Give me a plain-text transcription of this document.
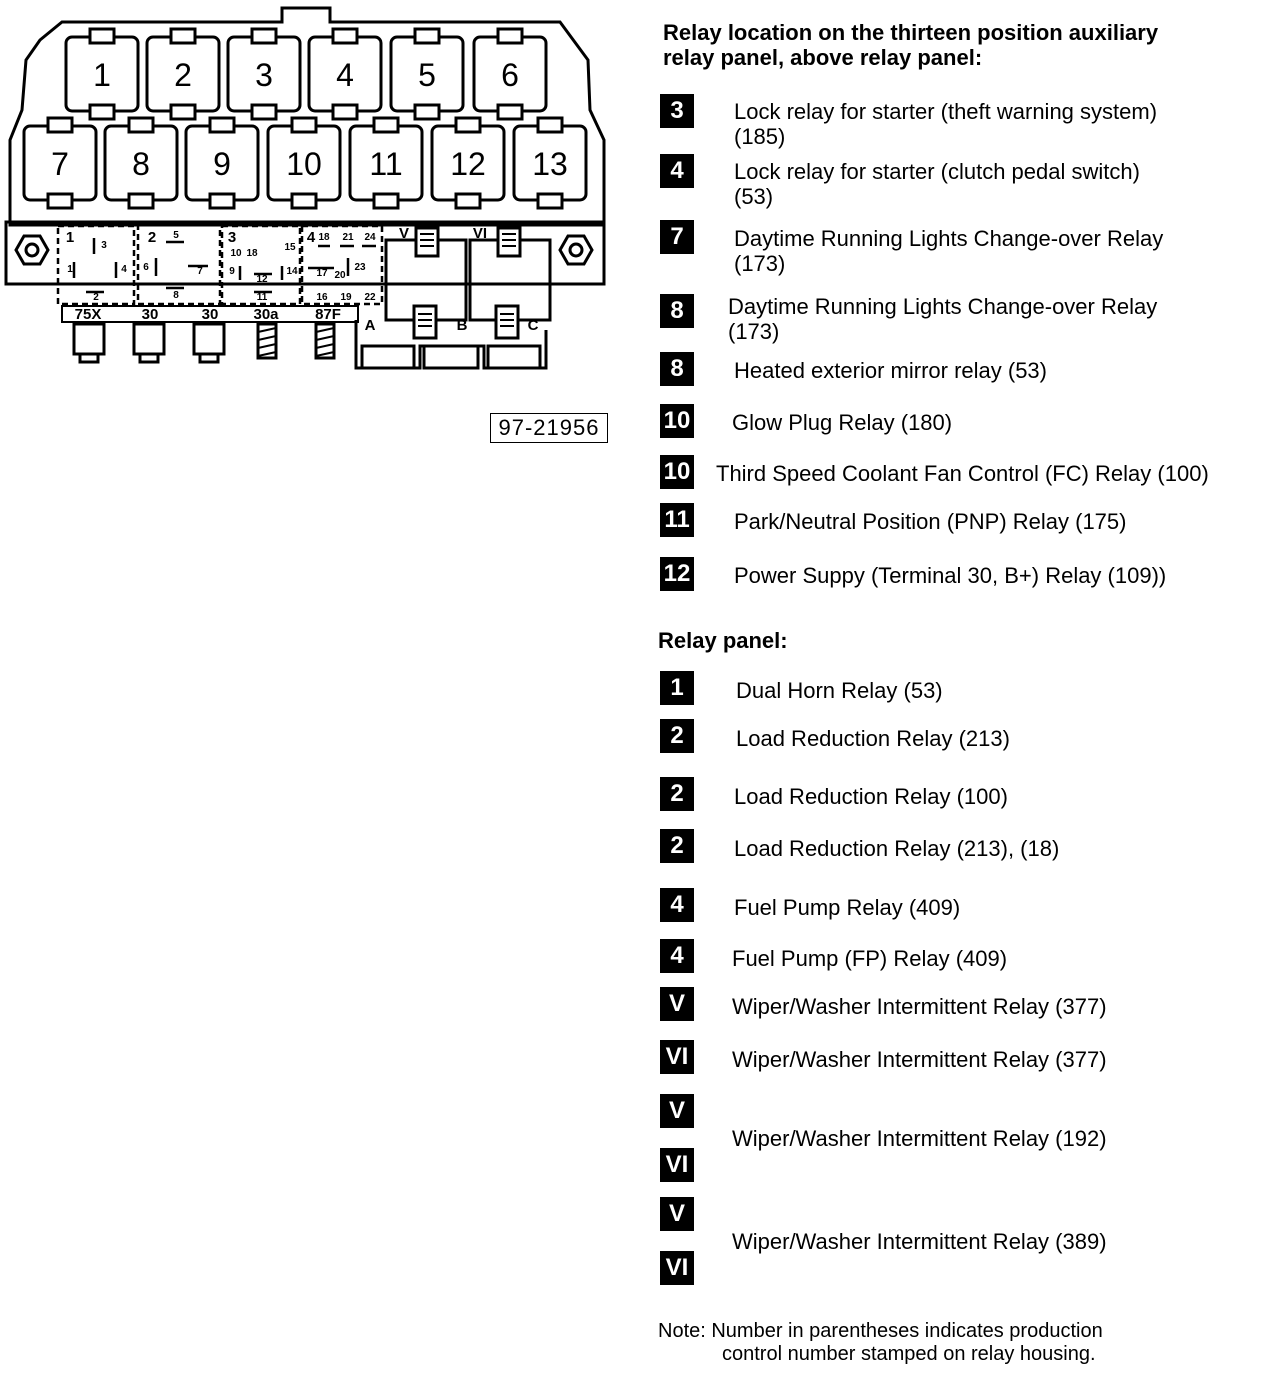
1 2 3 4 5 6
7 8 9 10 11 12 13
1	2	3	4	V	VI
75X	30	30 30a 87F
A	B	C
3
1	4
2
5
6	7
8
10 18
15
9
12
14
11
18 21 24
17 20
23
16 19 22
97-21956
Relay location on the thirteen position auxiliary
relay panel, above relay panel:
3	Lock relay for starter (theft warning system)
(185)
4	Lock relay for starter (clutch pedal switch)
(53)
7	Daytime Running Lights Change-over Relay
(173)
8	Daytime Running Lights Change-over Relay
(173)
8	Heated exterior mirror relay (53)
10 Glow Plug Relay (180)
10 Third Speed Coolant Fan Control (FC) Relay (100)
11 Park/Neutral Position (PNP) Relay (175)
12 Power Suppy (Terminal 30, B+) Relay (109))
Relay panel:
1	Dual Horn Relay (53)
2	Load Reduction Relay (213)
2	Load Reduction Relay (100)
2	Load Reduction Relay (213), (18)
4	Fuel Pump Relay (409)
4	Fuel Pump (FP) Relay (409)
V	Wiper/Washer Intermittent Relay (377)
VI Wiper/Washer Intermittent Relay (377)
V
VI
Wiper/Washer Intermittent Relay (192)
V
VI
Wiper/Washer Intermittent Relay (389)
Note: Number in parentheses indicates production
control number stamped on relay housing.
